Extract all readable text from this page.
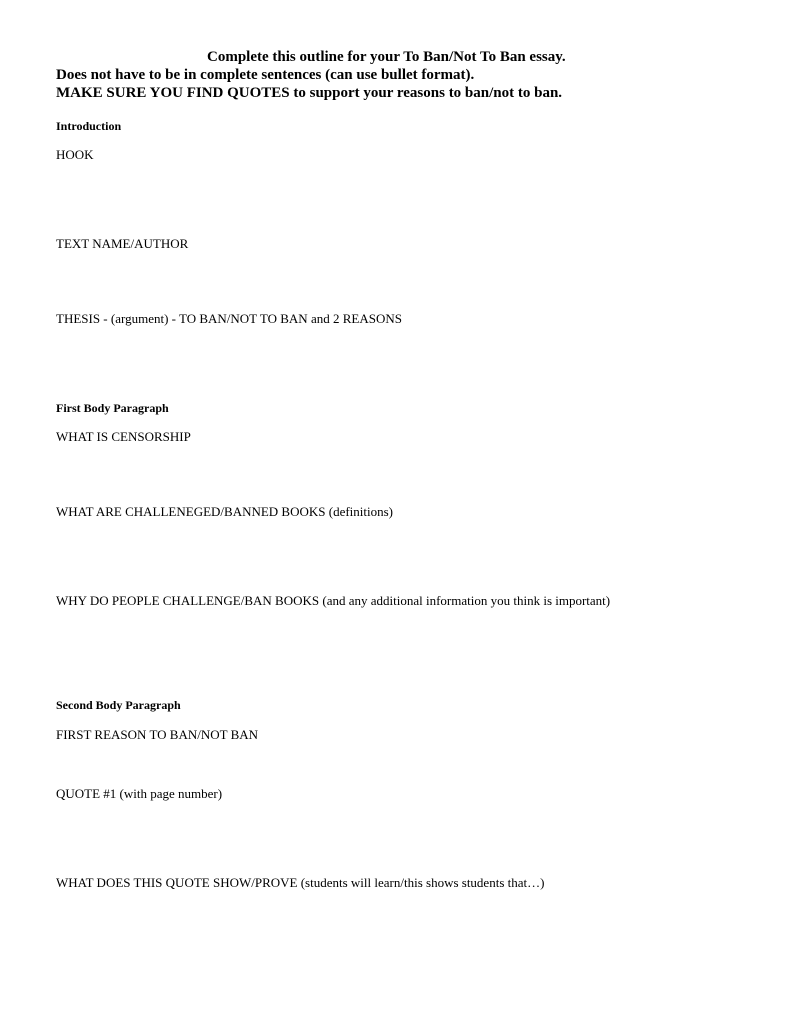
Complete this outline for your To Ban/Not To Ban essay.
Does not have to be in complete sentences (can use bullet format).
MAKE SURE YOU FIND QUOTES to support your reasons to ban/not to ban.
Introduction
HOOK
TEXT NAME/AUTHOR
THESIS - (argument) - TO BAN/NOT TO BAN and 2 REASONS
First Body Paragraph
WHAT IS CENSORSHIP
WHAT ARE CHALLENEGED/BANNED BOOKS (definitions)
WHY DO PEOPLE CHALLENGE/BAN BOOKS (and any additional information you think is important)
Second Body Paragraph
FIRST REASON TO BAN/NOT BAN
QUOTE #1 (with page number)
WHAT DOES THIS QUOTE SHOW/PROVE (students will learn/this shows students that…)
